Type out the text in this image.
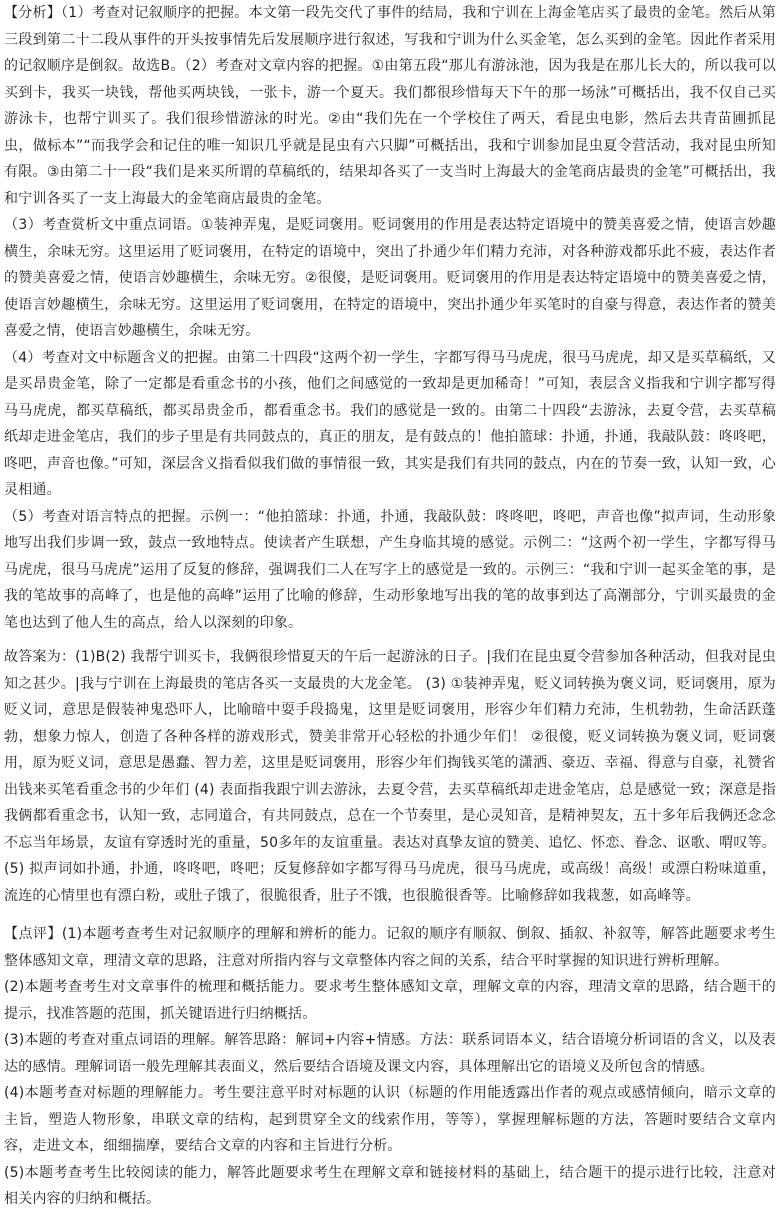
【分析】（1）考查对记叙顺序的把握。本文第一段先交代了事件的结局，我和宁训在上海金笔店买了最贵的金笔。然后从第三段到第二十二段从事件的开头按事情先后发展顺序进行叙述，写我和宁训为什么买金笔，怎么买到的金笔。因此作者采用的记叙顺序是倒叙。故选B。（2）考查对文章内容的把握。①由第五段“那儿有游泳池，因为我是在那儿长大的，所以我可以买到卡，我买一块钱，帮他买两块钱，一张卡，游一个夏天。我们都很珍惜每天下午的那一场泳”可概括出，我不仅自己买游泳卡，也帮宁训买了。我们很珍惜游泳的时光。②由“我们先在一个学校住了两天，看昆虫电影，然后去共青苗圃抓昆虫，做标本”“而我学会和记住的唯一知识几乎就是昆虫有六只脚”可概括出，我和宁训参加昆虫夏令营活动，我对昆虫所知有限。③由第二十一段“我们是来买所谓的草稿纸的，结果却各买了一支当时上海最大的金笔商店最贵的金笔”可概括出，我和宁训各买了一支上海最大的金笔商店最贵的金笔。

（3）考查赏析文中重点词语。①装神弄鬼，是贬词褒用。贬词褒用的作用是表达特定语境中的赞美喜爱之情，使语言妙趣横生，余味无穷。这里运用了贬词褒用，在特定的语境中，突出了扑通少年们精力充沛，对各种游戏都乐此不疲，表达作者的赞美喜爱之情，使语言妙趣横生，余味无穷。②很傻，是贬词褒用。贬词褒用的作用是表达特定语境中的赞美喜爱之情，使语言妙趣横生，余味无穷。这里运用了贬词褒用，在特定的语境中，突出扑通少年买笔时的自豪与得意，表达作者的赞美喜爱之情，使语言妙趣横生，余味无穷。

（4）考查对文中标题含义的把握。由第二十四段“这两个初一学生，字都写得马马虎虎，很马马虎虎，却又是买草稿纸，又是买昂贵金笔，除了一定都是看重念书的小孩，他们之间感觉的一致却是更加稀奇！”可知，表层含义指我和宁训字都写得马马虎虎，都买草稿纸，都买昂贵金币，都看重念书。我们的感觉是一致的。由第二十四段“去游泳，去夏令营，去买草稿纸却走进金笔店，我们的步子里是有共同鼓点的，真正的朋友，是有鼓点的！他拍篮球：扑通，扑通，我敲队鼓：咚咚吧，咚吧，声音也像。”可知，深层含义指看似我们做的事情很一致，其实是我们有共同的鼓点，内在的节奏一致，认知一致，心灵相通。

（5）考查对语言特点的把握。示例一：“他拍篮球：扑通，扑通，我敲队鼓：咚咚吧，咚吧，声音也像”拟声词，生动形象地写出我们步调一致，鼓点一致地特点。使读者产生联想，产生身临其境的感觉。示例二：“这两个初一学生，字都写得马马虎虎，很马马虎虎”运用了反复的修辞，强调我们二人在写字上的感觉是一致的。示例三：“我和宁训一起买金笔的事，是我的笔故事的高峰了，也是他的高峰”运用了比喻的修辞，生动形象地写出我的笔的故事到达了高潮部分，宁训买最贵的金笔也达到了他人生的高点，给人以深刻的印象。

故答案为：(1)B(2) 我帮宁训买卡，我俩很珍惜夏天的午后一起游泳的日子。|我们在昆虫夏令营参加各种活动，但我对昆虫知之甚少。|我与宁训在上海最贵的笔店各买一支最贵的大龙金笔。 (3) ①装神弄鬼，贬义词转换为褒义词，贬词褒用，原为贬义词，意思是假装神鬼恐吓人，比喻暗中耍手段捣鬼，这里是贬词褒用，形容少年们精力充沛，生机勃勃，生命活跃蓬勃，想象力惊人，创造了各种各样的游戏形式，赞美非常开心轻松的扑通少年们！ ②很傻，贬义词转换为褒义词，贬词褒用，原为贬义词，意思是愚蠢、智力差，这里是贬词褒用，形容少年们掏钱买笔的潇洒、豪迈、幸福、得意与自豪，礼赞省出钱来买笔看重念书的少年们 (4) 表面指我跟宁训去游泳，去夏令营，去买草稿纸却走进金笔店，总是感觉一致；深意是指我俩都看重念书，认知一致，志同道合，有共同鼓点，总在一个节奏里，是心灵知音，是精神契友，五十多年后我俩还念念不忘当年场景，友谊有穿透时光的重量，50多年的友谊重量。表达对真挚友谊的赞美、追忆、怀恋、眷念、讴歌、喟叹等。 (5) 拟声词如扑通，扑通，咚咚吧，咚吧；反复修辞如字都写得马马虎虎，很马马虎虎，或高级！高级！或漂白粉味道重，流连的心情里也有漂白粉，或肚子饿了，很脆很香，肚子不饿，也很脆很香等。比喻修辞如我栽葱，如高峰等。

【点评】(1)本题考查考生对记叙顺序的理解和辨析的能力。记叙的顺序有顺叙、倒叙、插叙、补叙等，解答此题要求考生整体感知文章，理清文章的思路，注意对所指内容与文章整体内容之间的关系，结合平时掌握的知识进行辨析理解。

(2)本题考查考生对文章事件的梳理和概括能力。要求考生整体感知文章，理解文章的内容，理清文章的思路，结合题干的提示，找准答题的范围，抓关键语进行归纳概括。

(3)本题的考查对重点词语的理解。解答思路：解词+内容+情感。方法：联系词语本义，结合语境分析词语的含义，以及表达的感情。理解词语一般先理解其表面义，然后要结合语境及课文内容，具体理解出它的语境义及所包含的情感。

(4)本题考查对标题的理解能力。考生要注意平时对标题的认识（标题的作用能透露出作者的观点或感情倾向，暗示文章的主旨，塑造人物形象，串联文章的结构，起到贯穿全文的线索作用，等等），掌握理解标题的方法，答题时要结合文章内容，走进文本，细细揣摩，要结合文章的内容和主旨进行分析。

(5)本题考查考生比较阅读的能力，解答此题要求考生在理解文章和链接材料的基础上，结合题干的提示进行比较，注意对相关内容的归纳和概括。
